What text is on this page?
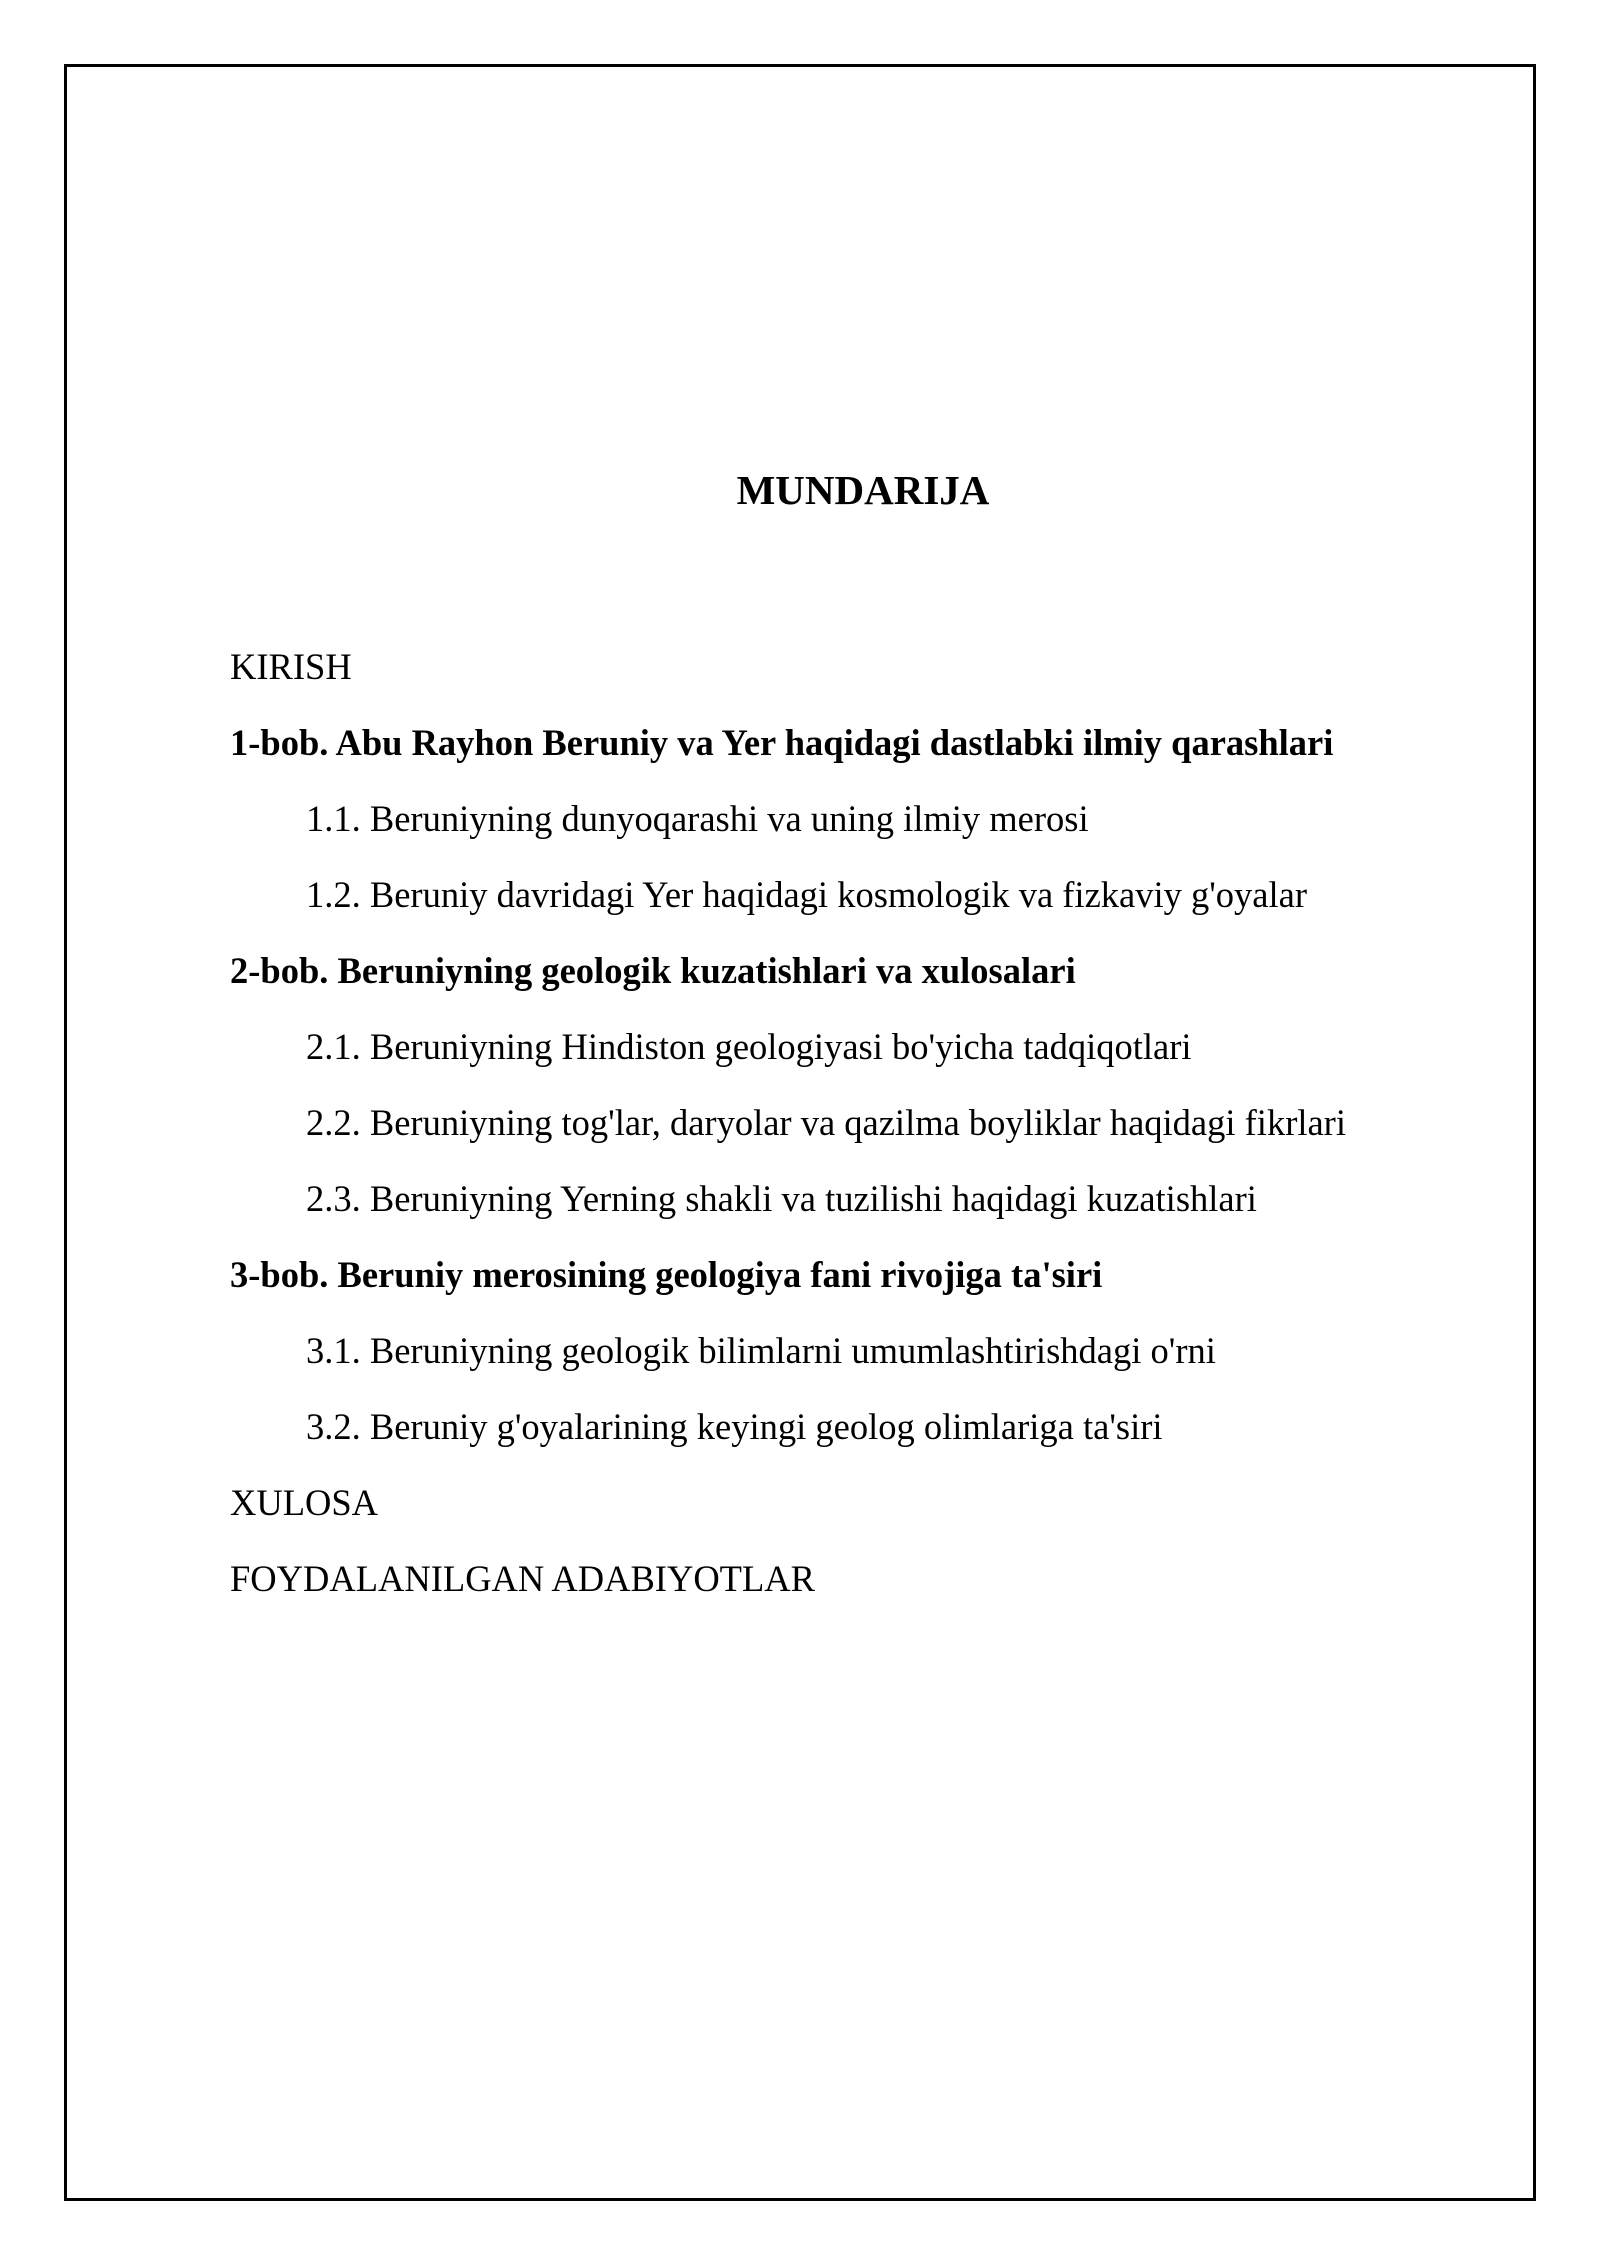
MUNDARIJA
KIRISH
1-bob. Abu Rayhon Beruniy va Yer haqidagi dastlabki ilmiy qarashlari
1.1. Beruniyning dunyoqarashi va uning ilmiy merosi
1.2. Beruniy davridagi Yer haqidagi kosmologik va fizkaviy g'oyalar
2-bob. Beruniyning geologik kuzatishlari va xulosalari
2.1. Beruniyning Hindiston geologiyasi bo'yicha tadqiqotlari
2.2. Beruniyning tog'lar, daryolar va qazilma boyliklar haqidagi fikrlari
2.3. Beruniyning Yerning shakli va tuzilishi haqidagi kuzatishlari
3-bob. Beruniy merosining geologiya fani rivojiga ta'siri
3.1. Beruniyning geologik bilimlarni umumlashtirishdagi o'rni
3.2. Beruniy g'oyalarining keyingi geolog olimlariga ta'siri
XULOSA
FOYDALANILGAN ADABIYOTLAR
